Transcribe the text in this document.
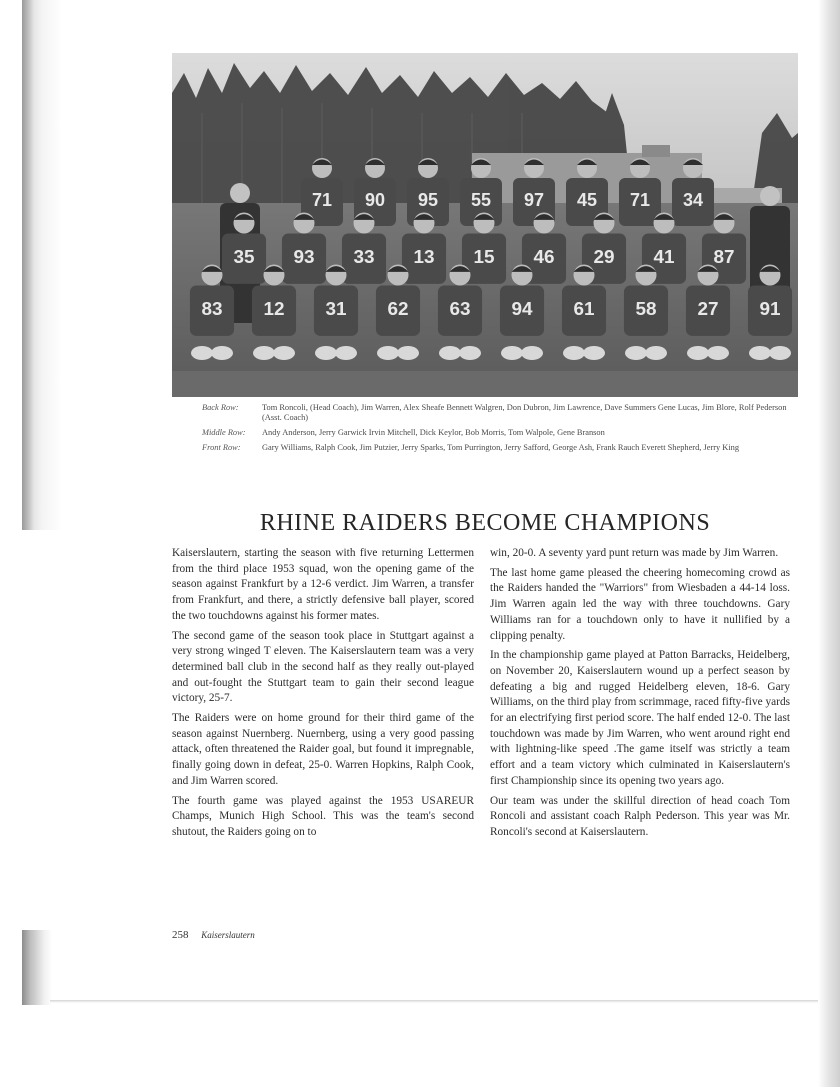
71 90 95 55 97 45 71 34
35 93 33 13 15 46 29 41 87
83 12 31 62 63 94 61 58 27 91
Back Row:	Tom Roncoli, (Head Coach), Jim Warren, Alex Sheafe Bennett Walgren, Don Dubron, Jim Lawrence, Dave Summers Gene Lucas, Jim Blore, Rolf Pederson (Asst. Coach)
Middle Row:	Andy Anderson, Jerry Garwick Irvin Mitchell, Dick Keylor, Bob Morris, Tom Walpole, Gene Branson
Front Row:	Gary Williams, Ralph Cook, Jim Putzier, Jerry Sparks, Tom Purrington, Jerry Safford, George Ash, Frank Rauch Everett Shepherd, Jerry King
RHINE RAIDERS BECOME CHAMPIONS

Kaiserslautern, starting the season with five returning Lettermen from the third place 1953 squad, won the opening game of the season against Frankfurt by a 12-6 verdict. Jim Warren, a transfer from Frankfurt, and there, a strictly defensive ball player, scored the two touchdowns against his former mates.

The second game of the season took place in Stuttgart against a very strong winged T eleven. The Kaiserslautern team was a very determined ball club in the second half as they really out-played and out-fought the Stuttgart team to gain their second league victory, 25-7.

The Raiders were on home ground for their third game of the season against Nuernberg. Nuernberg, using a very good passing attack, often threatened the Raider goal, but found it impregnable, finally going down in defeat, 25-0. Warren Hopkins, Ralph Cook, and Jim Warren scored.

The fourth game was played against the 1953 USAREUR Champs, Munich High School. This was the team's second shutout, the Raiders going on to

win, 20-0. A seventy yard punt return was made by Jim Warren.

The last home game pleased the cheering homecoming crowd as the Raiders handed the "Warriors" from Wiesbaden a 44-14 loss. Jim Warren again led the way with three touchdowns. Gary Williams ran for a touchdown only to have it nullified by a clipping penalty.

In the championship game played at Patton Barracks, Heidelberg, on November 20, Kaiserslautern wound up a perfect season by defeating a big and rugged Heidelberg eleven, 18-6. Gary Williams, on the third play from scrimmage, raced fifty-five yards for an electrifying first period score. The half ended 12-0. The last touchdown was made by Jim Warren, who went around right end with lightning-like speed .The game itself was strictly a team effort and a team victory which culminated in Kaiserslautern's first Championship since its opening two years ago.

Our team was under the skillful direction of head coach Tom Roncoli and assistant coach Ralph Pederson. This year was Mr. Roncoli's second at Kaiserslautern.

258 Kaiserslautern
